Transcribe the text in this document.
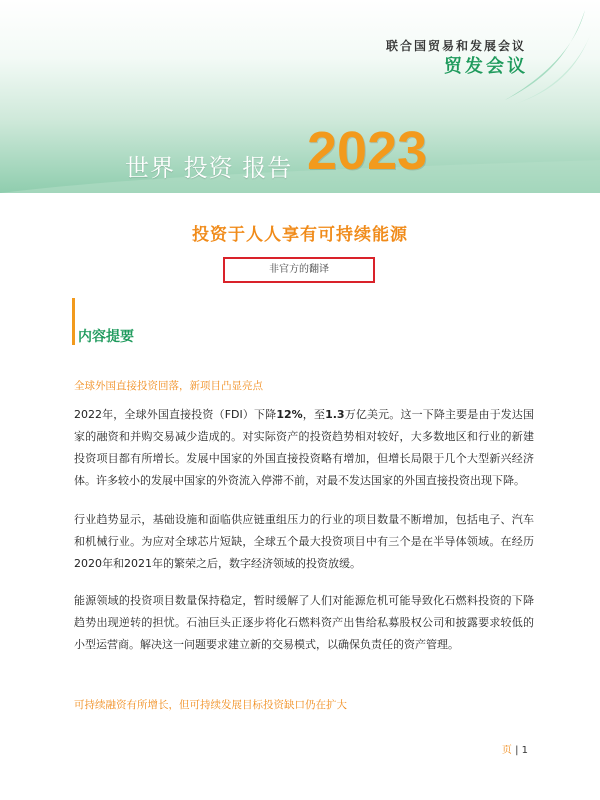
联合国贸易和发展会议
贸发会议
世界 投资 报告 2023
投资于人人享有可持续能源
非官方的翻译
内容提要
全球外国直接投资回落，新项目凸显亮点
2022年，全球外国直接投资（FDI）下降12%，至1.3万亿美元。这一下降主要是由于发达国家的融资和并购交易减少造成的。对实际资产的投资趋势相对较好，大多数地区和行业的新建投资项目都有所增长。发展中国家的外国直接投资略有增加，但增长局限于几个大型新兴经济体。许多较小的发展中国家的外资流入停滞不前，对最不发达国家的外国直接投资出现下降。
行业趋势显示，基础设施和面临供应链重组压力的行业的项目数量不断增加，包括电子、汽车和机械行业。为应对全球芯片短缺，全球五个最大投资项目中有三个是在半导体领域。在经历2020年和2021年的繁荣之后，数字经济领域的投资放缓。
能源领域的投资项目数量保持稳定，暂时缓解了人们对能源危机可能导致化石燃料投资的下降趋势出现逆转的担忧。石油巨头正逐步将化石燃料资产出售给私募股权公司和披露要求较低的小型运营商。解决这一问题要求建立新的交易模式，以确保负责任的资产管理。
可持续融资有所增长，但可持续发展目标投资缺口仍在扩大
页 | 1
